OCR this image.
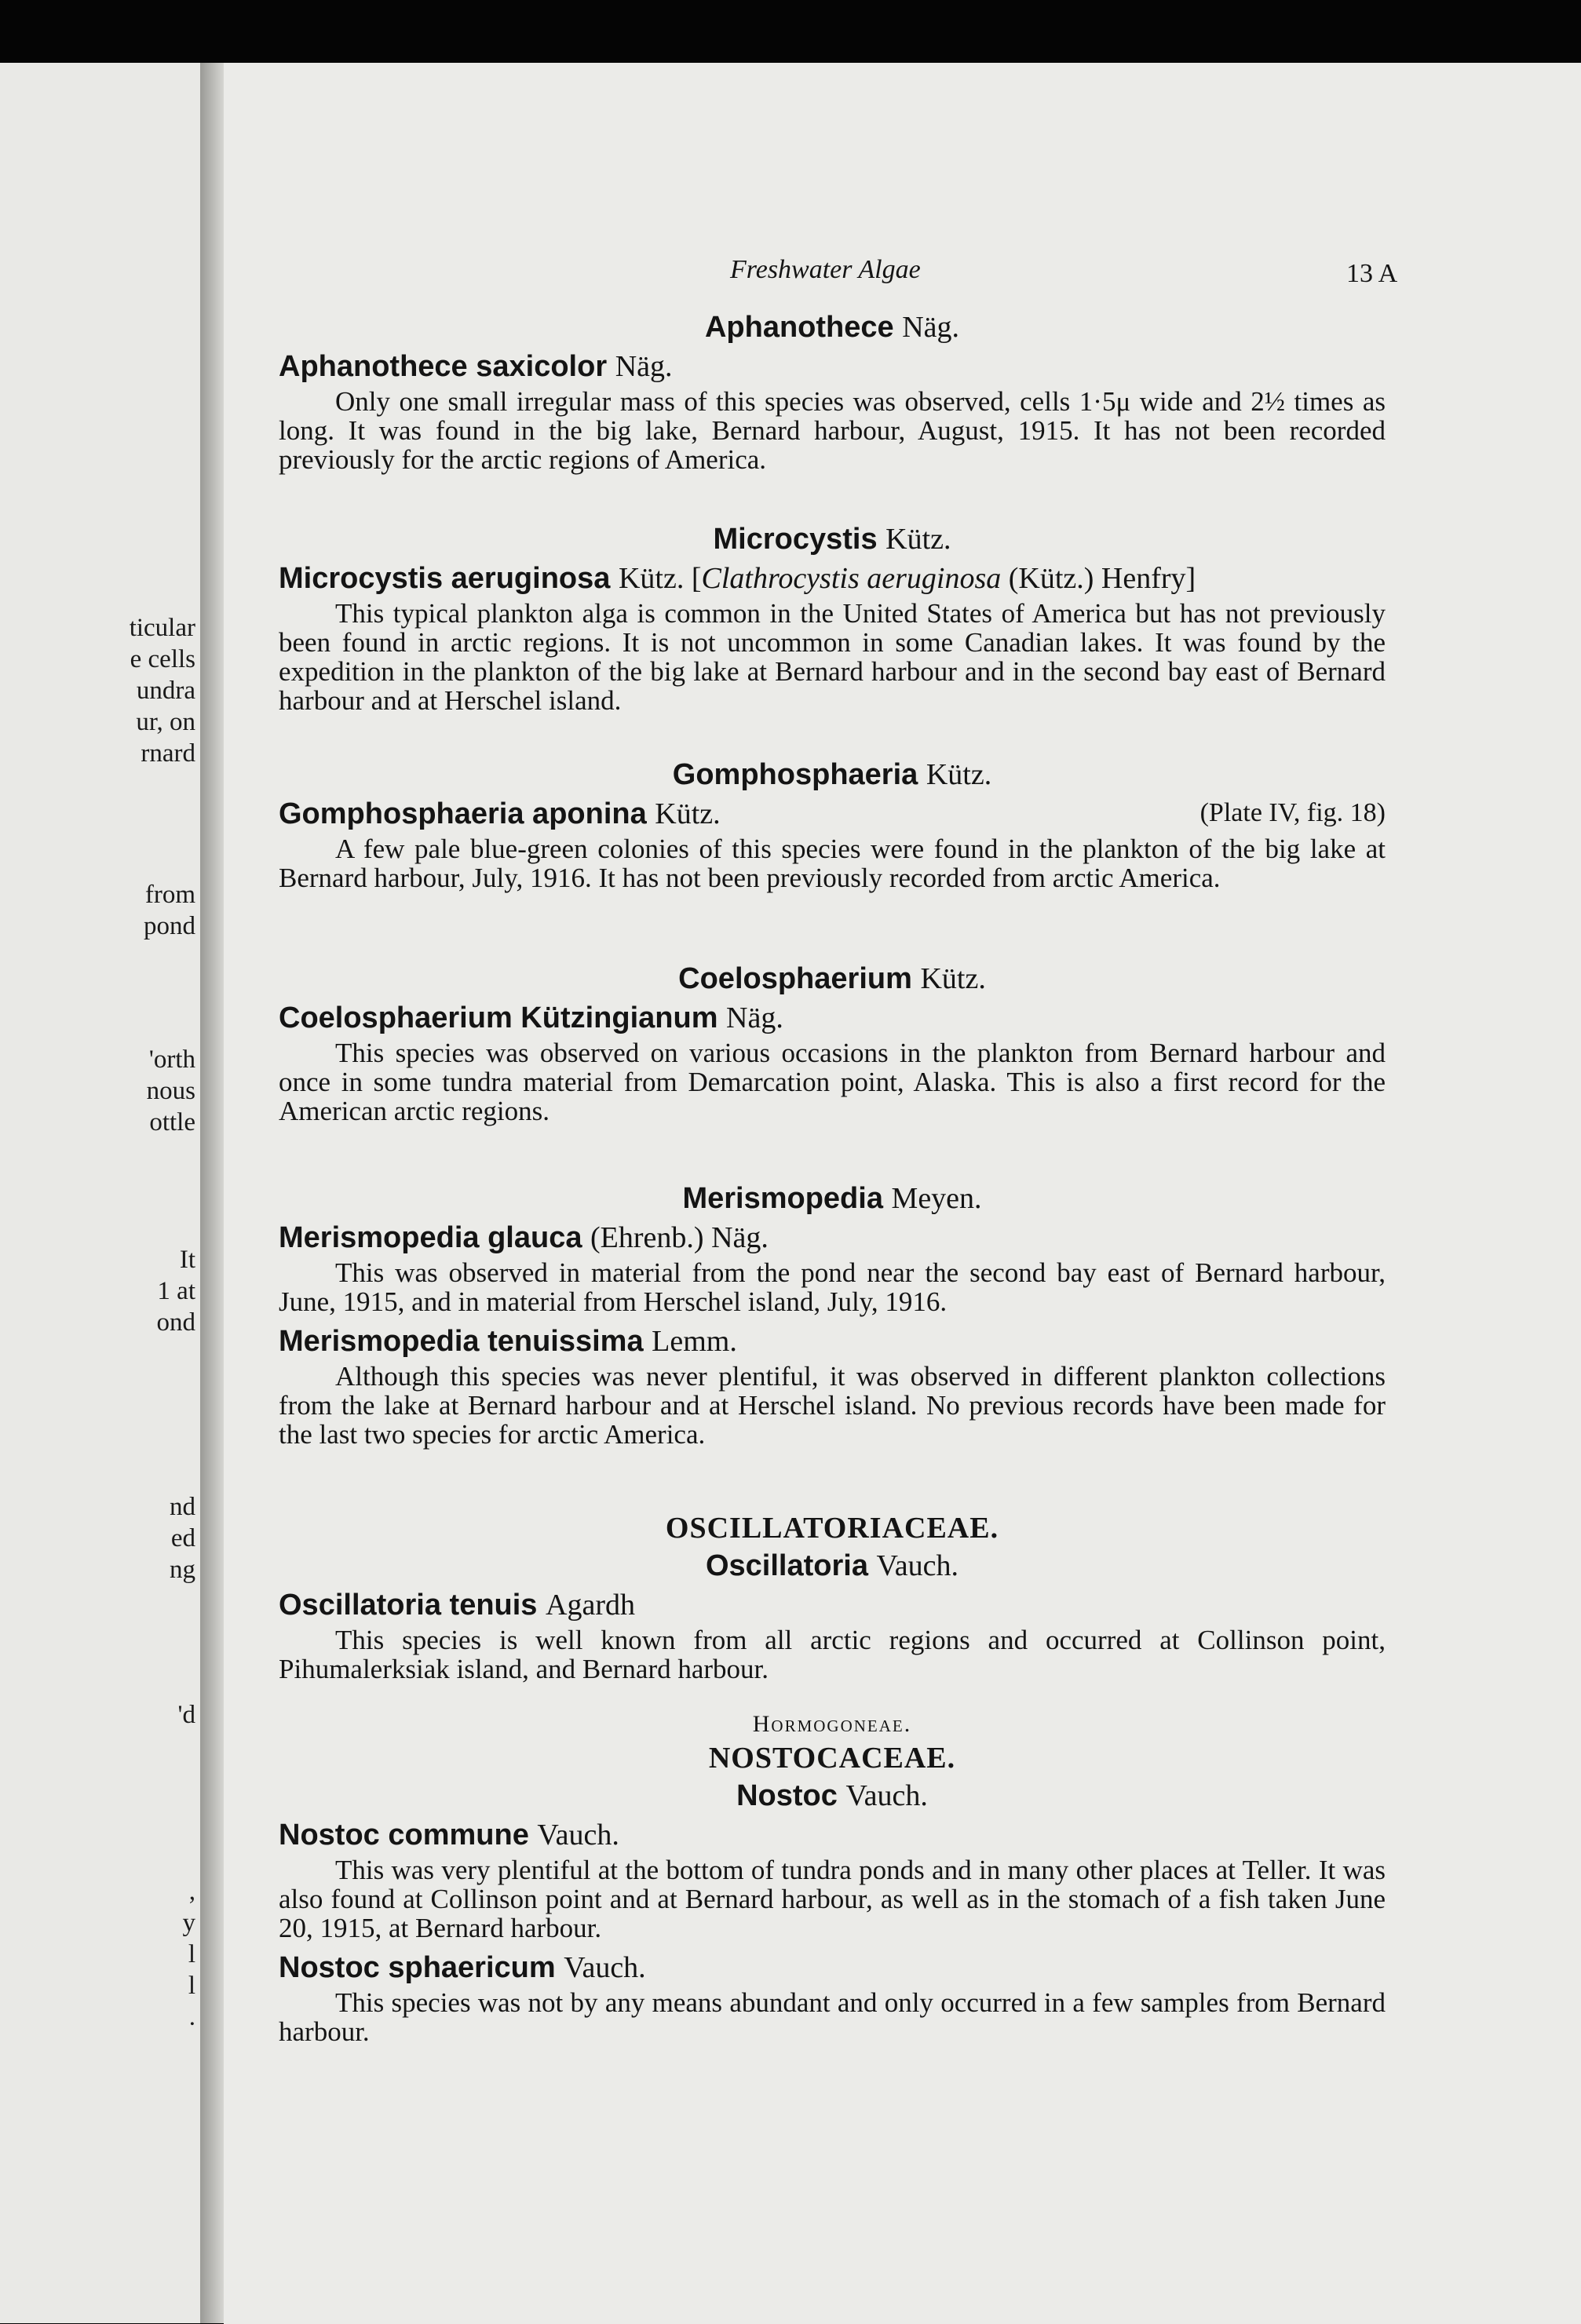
ticular
e cells
undra
ur, on
rnard
from
pond
'orth
nous
ottle
It
1 at
ond
nd
ed
ng
'd
,
y
l
l
.
Freshwater Algae	13 A
Aphanothece Näg.
Aphanothece saxicolor Näg.

Only one small irregular mass of this species was observed, cells 1·5μ wide and 2½ times as long. It was found in the big lake, Bernard harbour, August, 1915. It has not been recorded previously for the arctic regions of America.

Microcystis Kütz.
Microcystis aeruginosa Kütz. [Clathrocystis aeruginosa (Kütz.) Henfry]

This typical plankton alga is common in the United States of America but has not previously been found in arctic regions. It is not uncommon in some Canadian lakes. It was found by the expedition in the plankton of the big lake at Bernard harbour and in the second bay east of Bernard harbour and at Herschel island.

Gomphosphaeria Kütz.
Gomphosphaeria aponina Kütz.	(Plate IV, fig. 18)

A few pale blue-green colonies of this species were found in the plankton of the big lake at Bernard harbour, July, 1916. It has not been previously recorded from arctic America.

Coelosphaerium Kütz.
Coelosphaerium Kützingianum Näg.

This species was observed on various occasions in the plankton from Bernard harbour and once in some tundra material from Demarcation point, Alaska. This is also a first record for the American arctic regions.

Merismopedia Meyen.
Merismopedia glauca (Ehrenb.) Näg.

This was observed in material from the pond near the second bay east of Bernard harbour, June, 1915, and in material from Herschel island, July, 1916.

Merismopedia tenuissima Lemm.

Although this species was never plentiful, it was observed in different plankton collections from the lake at Bernard harbour and at Herschel island. No previous records have been made for the last two species for arctic America.

OSCILLATORIACEAE.
Oscillatoria Vauch.
Oscillatoria tenuis Agardh

This species is well known from all arctic regions and occurred at Collinson point, Pihumalerksiak island, and Bernard harbour.

Hormogoneae.
NOSTOCACEAE.
Nostoc Vauch.
Nostoc commune Vauch.

This was very plentiful at the bottom of tundra ponds and in many other places at Teller. It was also found at Collinson point and at Bernard harbour, as well as in the stomach of a fish taken June 20, 1915, at Bernard harbour.

Nostoc sphaericum Vauch.

This species was not by any means abundant and only occurred in a few samples from Bernard harbour.
